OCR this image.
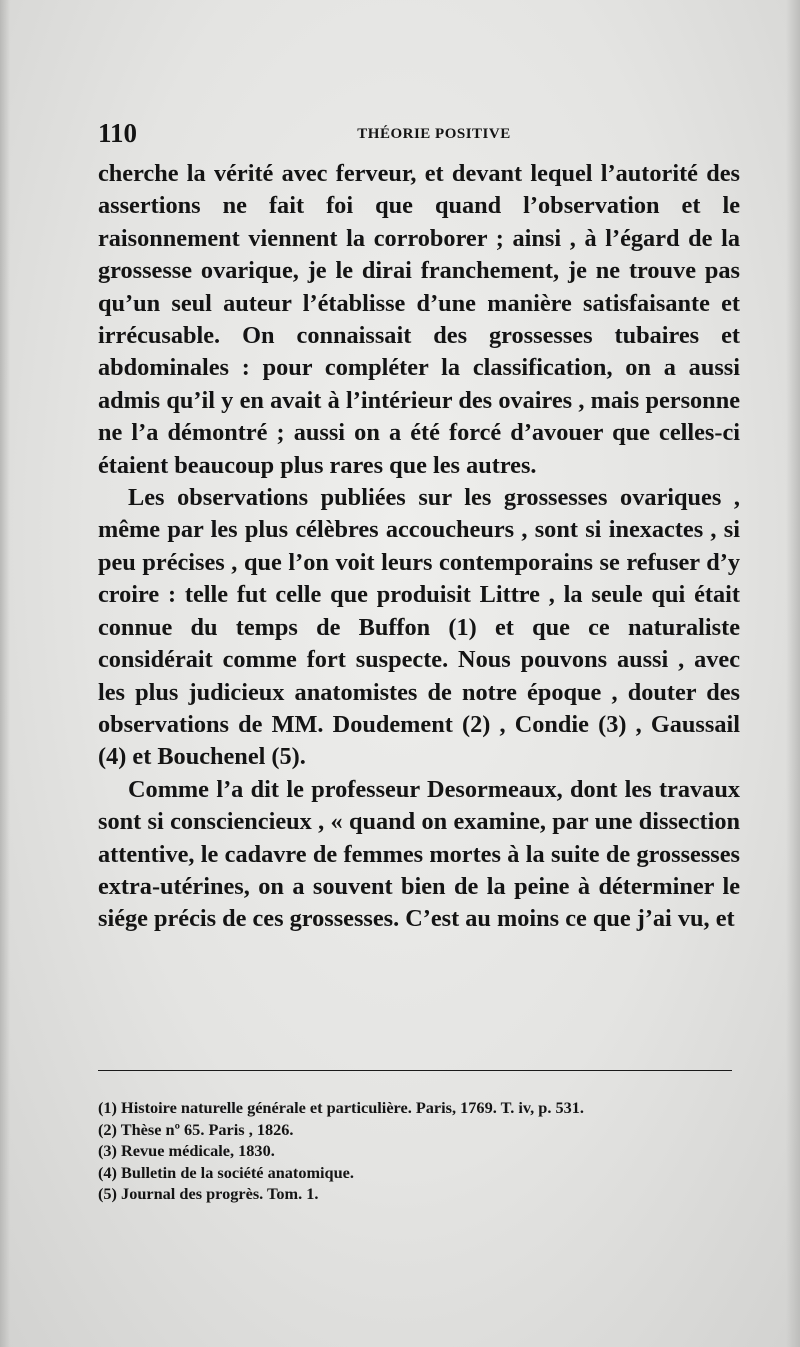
110	THÉORIE POSITIVE

cherche la vérité avec ferveur, et devant lequel l’autorité des assertions ne fait foi que quand l’observation et le raisonnement viennent la corroborer ; ainsi , à l’égard de la grossesse ovarique, je le dirai franchement, je ne trouve pas qu’un seul auteur l’établisse d’une manière satisfaisante et irrécusable. On connaissait des grossesses tubaires et abdominales : pour compléter la classification, on a aussi admis qu’il y en avait à l’intérieur des ovaires , mais personne ne l’a démontré ; aussi on a été forcé d’avouer que celles-ci étaient beaucoup plus rares que les autres.

Les observations publiées sur les grossesses ovariques , même par les plus célèbres accoucheurs , sont si inexactes , si peu précises , que l’on voit leurs contemporains se refuser d’y croire : telle fut celle que produisit Littre , la seule qui était connue du temps de Buffon (1) et que ce naturaliste considérait comme fort suspecte. Nous pouvons aussi , avec les plus judicieux anatomistes de notre époque , douter des observations de MM. Doudement (2) , Condie (3) , Gaussail (4) et Bouchenel (5).

Comme l’a dit le professeur Desormeaux, dont les travaux sont si consciencieux , « quand on examine, par une dissection attentive, le cadavre de femmes mortes à la suite de grossesses extra-utérines, on a souvent bien de la peine à déterminer le siége précis de ces grossesses. C’est au moins ce que j’ai vu, et

(1) Histoire naturelle générale et particulière. Paris, 1769. T. iv, p. 531.

(2) Thèse nº 65. Paris , 1826.

(3) Revue médicale, 1830.

(4) Bulletin de la société anatomique.

(5) Journal des progrès. Tom. 1.
